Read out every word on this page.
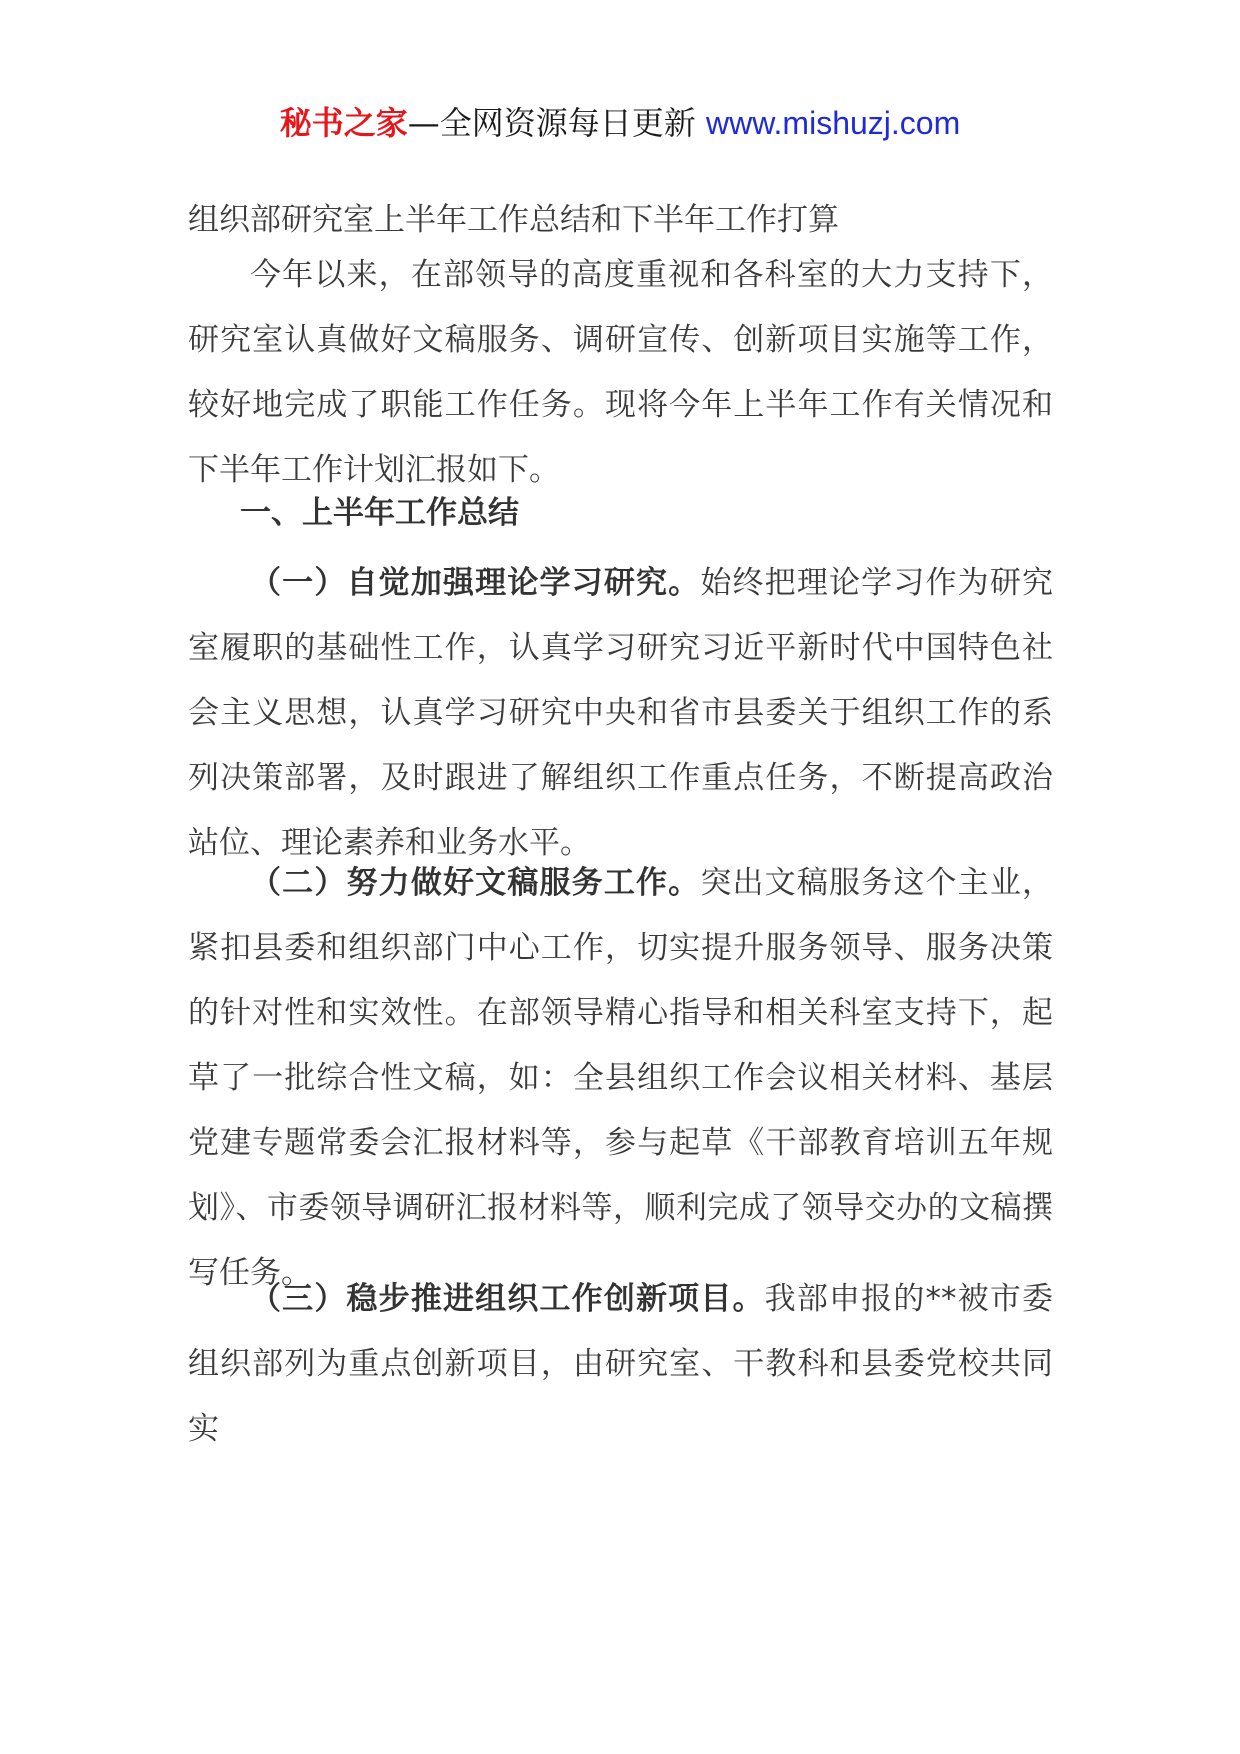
秘书之家—全网资源每日更新 www.mishuzj.com
组织部研究室上半年工作总结和下半年工作打算

今年以来，在部领导的高度重视和各科室的大力支持下，研究室认真做好文稿服务、调研宣传、创新项目实施等工作，较好地完成了职能工作任务。现将今年上半年工作有关情况和下半年工作计划汇报如下。

一、上半年工作总结

（一）自觉加强理论学习研究。始终把理论学习作为研究室履职的基础性工作，认真学习研究习近平新时代中国特色社会主义思想，认真学习研究中央和省市县委关于组织工作的系列决策部署，及时跟进了解组织工作重点任务，不断提高政治站位、理论素养和业务水平。

（二）努力做好文稿服务工作。突出文稿服务这个主业，紧扣县委和组织部门中心工作，切实提升服务领导、服务决策的针对性和实效性。在部领导精心指导和相关科室支持下，起草了一批综合性文稿，如：全县组织工作会议相关材料、基层党建专题常委会汇报材料等，参与起草《干部教育培训五年规划》、市委领导调研汇报材料等，顺利完成了领导交办的文稿撰写任务。

（三）稳步推进组织工作创新项目。我部申报的**被市委组织部列为重点创新项目，由研究室、干教科和县委党校共同实
